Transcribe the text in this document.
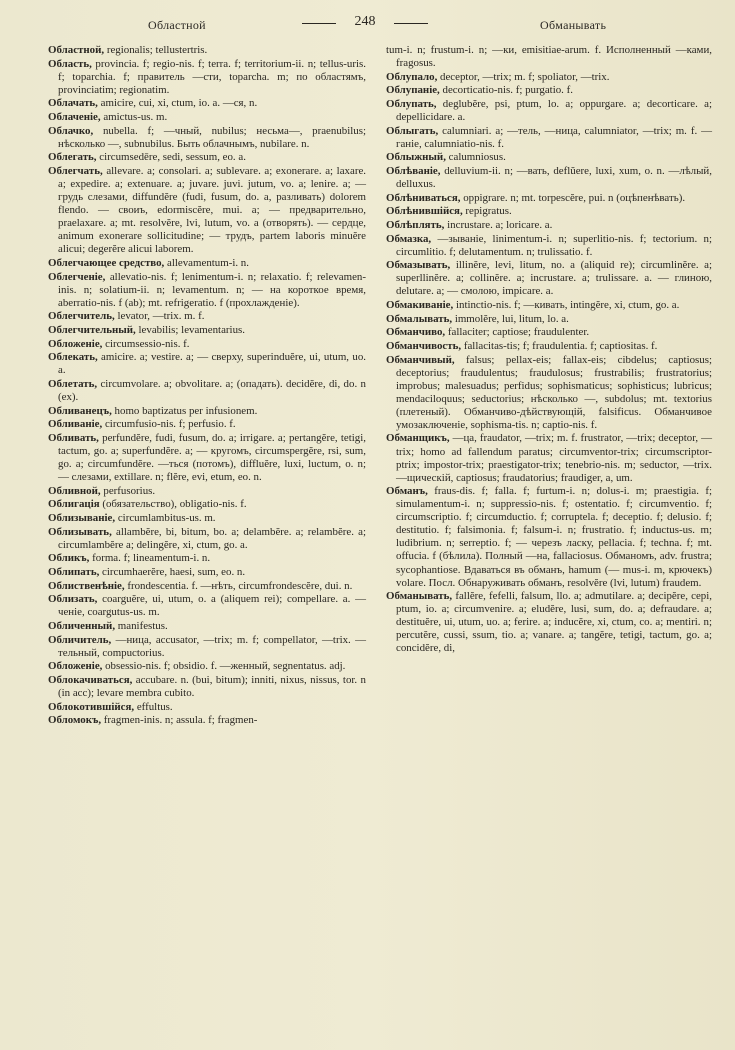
Областной	248	Обманывать
Областной, regionalis; tellustertris.
Область, provincia. f; regio-nis. f; terra. f; territorium-ii. n; tellus-uris. f; toparchia. f; правитель —сти, toparcha. m; по областямъ, provinciatim; regionatim.
Облачать, amicire, cui, xi, ctum, io. a. —ся, n.
Облаченіе, amictus-us. m.
Облачко, nubella. f; —чный, nubilus; несьма—, praenubilus; нѣсколько —, subnubilus. Быть облачнымъ, nubilare. n.
Облегать, circumsedēre, sedi, sessum, eo. a.
Облегчать, allevare. a; consolari. a; sublevare. a; exonerare. a; laxare. a; expedire. a; extenuare. a; juvare. juvi. jutum, vo. a; lenire. a; — грудь слезами, diffundĕre (fudi, fusum, do. a, разливать) dolorem flendo. — своиъ, edormiscĕre, mui. a; — предварительно, praelaxare. a; mt. resolvĕre, lvi, lutum, vo. a (отворять). — сердце, animum exonerare sollicitudine; — трудъ, partem laboris minuĕre alicui; degerĕre alicui laborem.
Облегчающее средство, allevamentum-i. n.
Облегченіе, allevatio-nis. f; lenimentum-i. n; relaxatio. f; relevamen-inis. n; solatium-ii. n; levamentum. n; — на короткое время, aberratio-nis. f (ab); mt. refrigeratio. f (прохлажденіе).
Облегчитель, levator, —trix. m. f.
Облегчительный, levabilis; levamentarius.
Обложеніе, circumsessio-nis. f.
Облекать, amicire. a; vestire. a; — сверху, superinduĕre, ui, utum, uo. a.
Облетать, circumvolare. a; obvolitare. a; (опадать). decidĕre, di, do. n (ex).
Обливанецъ, homo baptizatus per infusionem.
Обливаніе, circumfusio-nis. f; perfusio. f.
Обливать, perfundĕre, fudi, fusum, do. a; irrigare. a; pertangĕre, tetigi, tactum, go. a; superfundĕre. a; — кругомъ, circumspergĕre, rsi, sum, go. a; circumfundĕre. —тьcя (потомъ), diffluĕre, luxi, luctum, o. n; — слезами, extillare. n; flĕre, evi, etum, eo. n.
Обливной, perfusorius.
Облигація (обязательство), obligatio-nis. f.
Облизываніе, circumlambitus-us. m.
Облизывать, allambĕre, bi, bitum, bo. a; delambĕre. a; relambĕre. a; circumlambĕre a; delingĕre, xi, ctum, go. a.
Обликъ, forma. f; lineamentum-i. n.
Облипать, circumhaerĕre, haesi, sum, eo. n.
Облиственѣніе, frondescentia. f. —нѣть, circumfrondescĕre, dui. n.
Облизать, coarguĕre, ui, utum, o. a (aliquem rei); compellare. a. —ченіе, coargutus-us. m.
Обличенный, manifestus.
Обличитель, —ница, accusator, —trix; m. f; compellator, —trix. —тельный, compuctorius.
Обложеніе, obsessio-nis. f; obsidio. f. —женный, segnentatus. adj.
Облокачиваться, accubare. n. (bui, bitum); inniti, nixus, nissus, tor. n (in acc); levare membra cubito.
Облокотившійся, effultus.
Обломокъ, fragmen-inis. n; assula. f; fragmen-
tum-i. n; frustum-i. n; —ки, emisitiae-arum. f. Исполненный —ками, fragosus.
Облупало, deceptor, —trix; m. f; spoliator, —trix.
Облупаніе, decorticatio-nis. f; purgatio. f.
Облупать, deglubĕre, psi, ptum, lo. a; oppurgare. a; decorticare. a; depellicidare. a.
Облыгать, calumniari. a; —тель, —ница, calumniator, —trix; m. f. —ганіе, calumniatio-nis. f.
Облыжный, calumniosus.
Облѣваніе, delluvium-ii. n; —вать, deflŭere, luxi, xum, o. n. —лѣлый, delluxus.
Облѣниваться, oppigrare. n; mt. torpescĕre, pui. n (оцѣпенѣвать).
Облѣнившійся, repigratus.
Облѣплять, incrustare. a; loricare. a.
Обмазка, —зываніе, linimentum-i. n; superlitio-nis. f; tectorium. n; circumlitio. f; delutamentum. n; trulissatio. f.
Обмазывать, illinĕre, levi, litum, no. a (aliquid re); circumlinĕre. a; superllinĕre. a; collinĕre. a; incrustare. a; trulissare. a. — глиною, delutare. a; — смолою, impicare. a.
Обмакиваніе, intinctio-nis. f; —кивать, intingĕre, xi, ctum, go. a.
Обмалывать, immolĕre, lui, litum, lo. a.
Обманчиво, fallaciter; captiose; fraudulenter.
Обманчивость, fallacitas-tis; f; fraudulentia. f; captiositas. f.
Обманчивый, falsus; pellax-eis; fallax-eis; cibdelus; captiosus; deceptorius; fraudulentus; fraudulosus; frustrabilis; frustratorius; improbus; malesuadus; perfidus; sophismaticus; sophisticus; lubricus; mendaciloquus; seductorius; нѣсколько —, subdolus; mt. textorius (плетеный). Обманчиво-дѣйствующій, falsificus. Обманчивое умозаключеніе, sophisma-tis. n; captio-nis. f.
Обманщикъ, —ца, fraudator, —trix; m. f. frustrator, —trix; deceptor, —trix; homo ad fallendum paratus; circumventor-trix; circumscriptor-ptrix; impostor-trix; praestigator-trix; tenebrio-nis. m; seductor, —trix. —щическій, captiosus; fraudatorius; fraudiger, a, um.
Обманъ, fraus-dis. f; falla. f; furtum-i. n; dolus-i. m; praestigia. f; simulamentum-i. n; suppressio-nis. f; ostentatio. f; circumventio. f; circumscriptio. f; circumductio. f; corruptela. f; deceptio. f; delusio. f; destitutio. f; falsimonia. f; falsum-i. n; frustratio. f; inductus-us. m; ludibrium. n; serreptio. f; — черезъ ласку, pellacia. f; techna. f; mt. offucia. f (бѣлила). Полный —на, fallaciosus. Обманомъ, adv. frustra; sycophantiose. Вдаваться въ обманъ, hamum (— mus-i. m, крючекъ) volare. Посл. Обнаруживать обманъ, resolvĕre (lvi, lutum) fraudem.
Обманывать, fallĕre, fefelli, falsum, llo. a; admutilare. a; decipĕre, cepi, ptum, io. a; circumvenire. a; eludĕre, lusi, sum, do. a; defraudare. a; destituĕre, ui, utum, uo. a; ferire. a; inducĕre, xi, ctum, co. a; mentiri. n; percutĕre, cussi, ssum, tio. a; vanare. a; tangĕre, tetigi, tactum, go. a; concidĕre, di,
